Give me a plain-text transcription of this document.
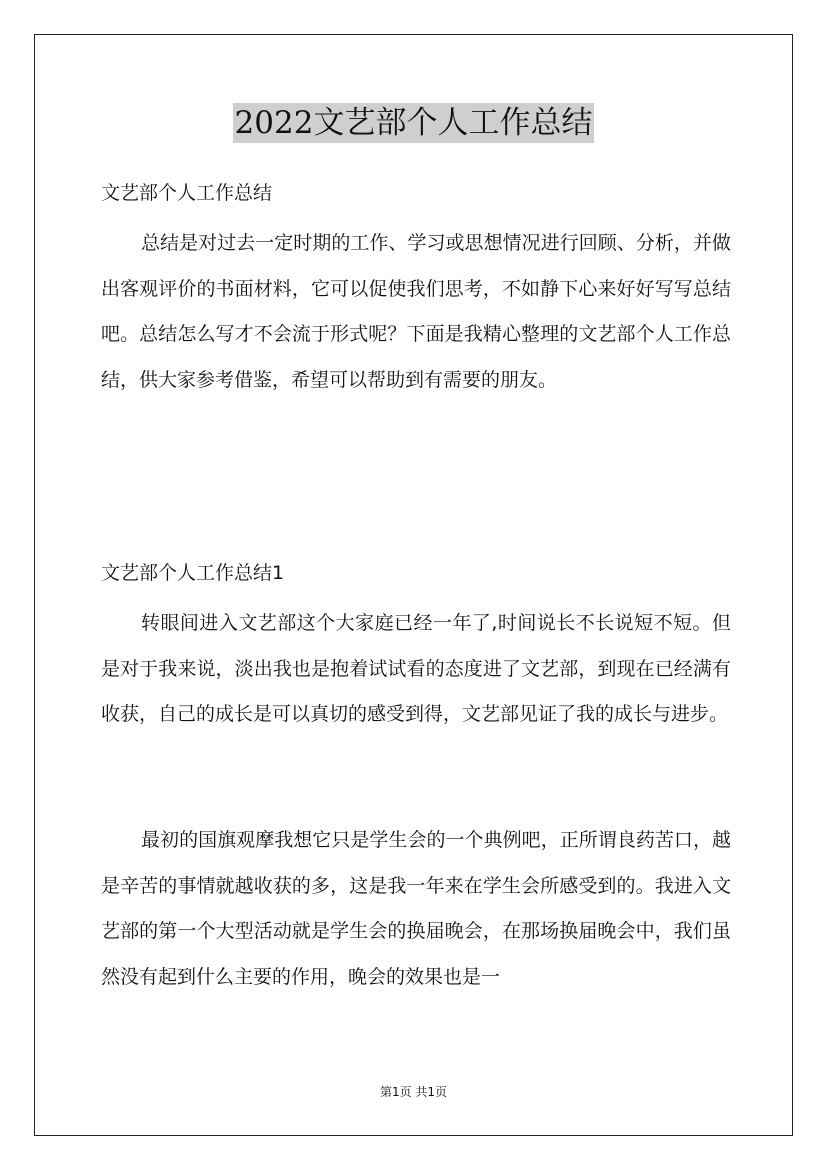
2022文艺部个人工作总结
文艺部个人工作总结

总结是对过去一定时期的工作、学习或思想情况进行回顾、分析，并做出客观评价的书面材料，它可以促使我们思考，不如静下心来好好写写总结吧。总结怎么写才不会流于形式呢？下面是我精心整理的文艺部个人工作总结，供大家参考借鉴，希望可以帮助到有需要的朋友。

文艺部个人工作总结1

转眼间进入文艺部这个大家庭已经一年了,时间说长不长说短不短。但是对于我来说，淡出我也是抱着试试看的态度进了文艺部，到现在已经满有收获，自己的成长是可以真切的感受到得，文艺部见证了我的成长与进步。

最初的国旗观摩我想它只是学生会的一个典例吧，正所谓良药苦口，越是辛苦的事情就越收获的多，这是我一年来在学生会所感受到的。我进入文艺部的第一个大型活动就是学生会的换届晚会，在那场换届晚会中，我们虽然没有起到什么主要的作用，晚会的效果也是一

第1页 共1页
